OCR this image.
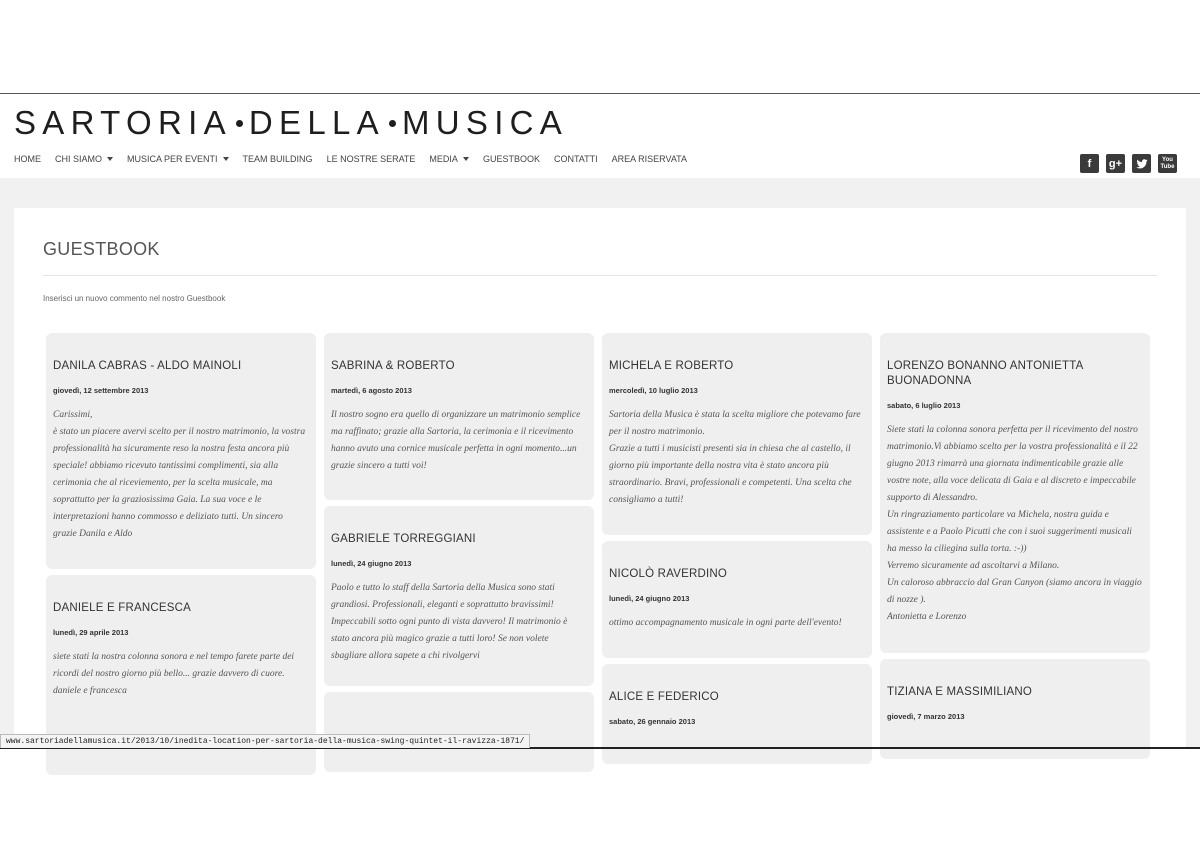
SARTORIA DELLA MUSICA
HOME CHI SIAMO	MUSICA PER EVENTI	TEAM BUILDING LE NOSTRE SERATE MEDIA	GUESTBOOK CONTATTI AREA RISERVATA	f g+	You
Tube
GUESTBOOK
Inserisci un nuovo commento nel nostro Guestbook
DANILA CABRAS - ALDO MAINOLI
giovedì, 12 settembre 2013
Carissimi,
è stato un piacere avervi scelto per il nostro matrimonio, la vostra professionalità ha sicuramente reso la nostra festa ancora più speciale! abbiamo ricevuto tantissimi complimenti, sia alla cerimonia che al riceviemento, per la scelta musicale, ma soprattutto per la graziosissima Gaia. La sua voce e le interpretazioni hanno commosso e deliziato tutti. Un sincero grazie Danila e Aldo
DANIELE E FRANCESCA
lunedì, 29 aprile 2013
siete stati la nostra colonna sonora e nel tempo farete parte dei ricordi del nostro giorno più bello... grazie davvero di cuore.
daniele e francesca
SABRINA & ROBERTO
martedì, 6 agosto 2013
Il nostro sogno era quello di organizzare un matrimonio semplice ma raffinato; grazie alla Sartoria, la cerimonia e il ricevimento hanno avuto una cornice musicale perfetta in ogni momento...un grazie sincero a tutti voi!
GABRIELE TORREGGIANI
lunedì, 24 giugno 2013
Paolo e tutto lo staff della Sartoria della Musica sono stati grandiosi. Professionali, eleganti e soprattutto bravissimi! Impeccabili sotto ogni punto di vista davvero! Il matrimonio è stato ancora più magico grazie a tutti loro! Se non volete sbagliare allora sapete a chi rivolgervi
MICHELA E ROBERTO
mercoledì, 10 luglio 2013
Sartoria della Musica è stata la scelta migliore che potevamo fare per il nostro matrimonio.
Grazie a tutti i musicisti presenti sia in chiesa che al castello, il giorno più importante della nostra vita è stato ancora più straordinario. Bravi, professionali e competenti. Una scelta che consigliamo a tutti!
NICOLÒ RAVERDINO
lunedì, 24 giugno 2013
ottimo accompagnamento musicale in ogni parte dell'evento!
ALICE E FEDERICO
sabato, 26 gennaio 2013
LORENZO BONANNO ANTONIETTA BUONADONNA
sabato, 6 luglio 2013
Siete stati la colonna sonora perfetta per il ricevimento del nostro matrimonio.Vi abbiamo scelto per la vostra professionalità e il 22 giugno 2013 rimarrà una giornata indimenticabile grazie alle vostre note, alla voce delicata di Gaia e al discreto e impeccabile supporto di Alessandro.
Un ringraziamento particolare va Michela, nostra guida e assistente e a Paolo Picutti che con i suoi suggerimenti musicali ha messo la ciliegina sulla torta. :-))
Verremo sicuramente ad ascoltarvi a Milano.
Un caloroso abbraccio dal Gran Canyon (siamo ancora in viaggio di nozze ).
Antonietta e Lorenzo
TIZIANA E MASSIMILIANO
giovedì, 7 marzo 2013
www.sartoriadellamusica.it/2013/10/inedita-location-per-sartoria-della-musica-swing-quintet-il-ravizza-1871/
